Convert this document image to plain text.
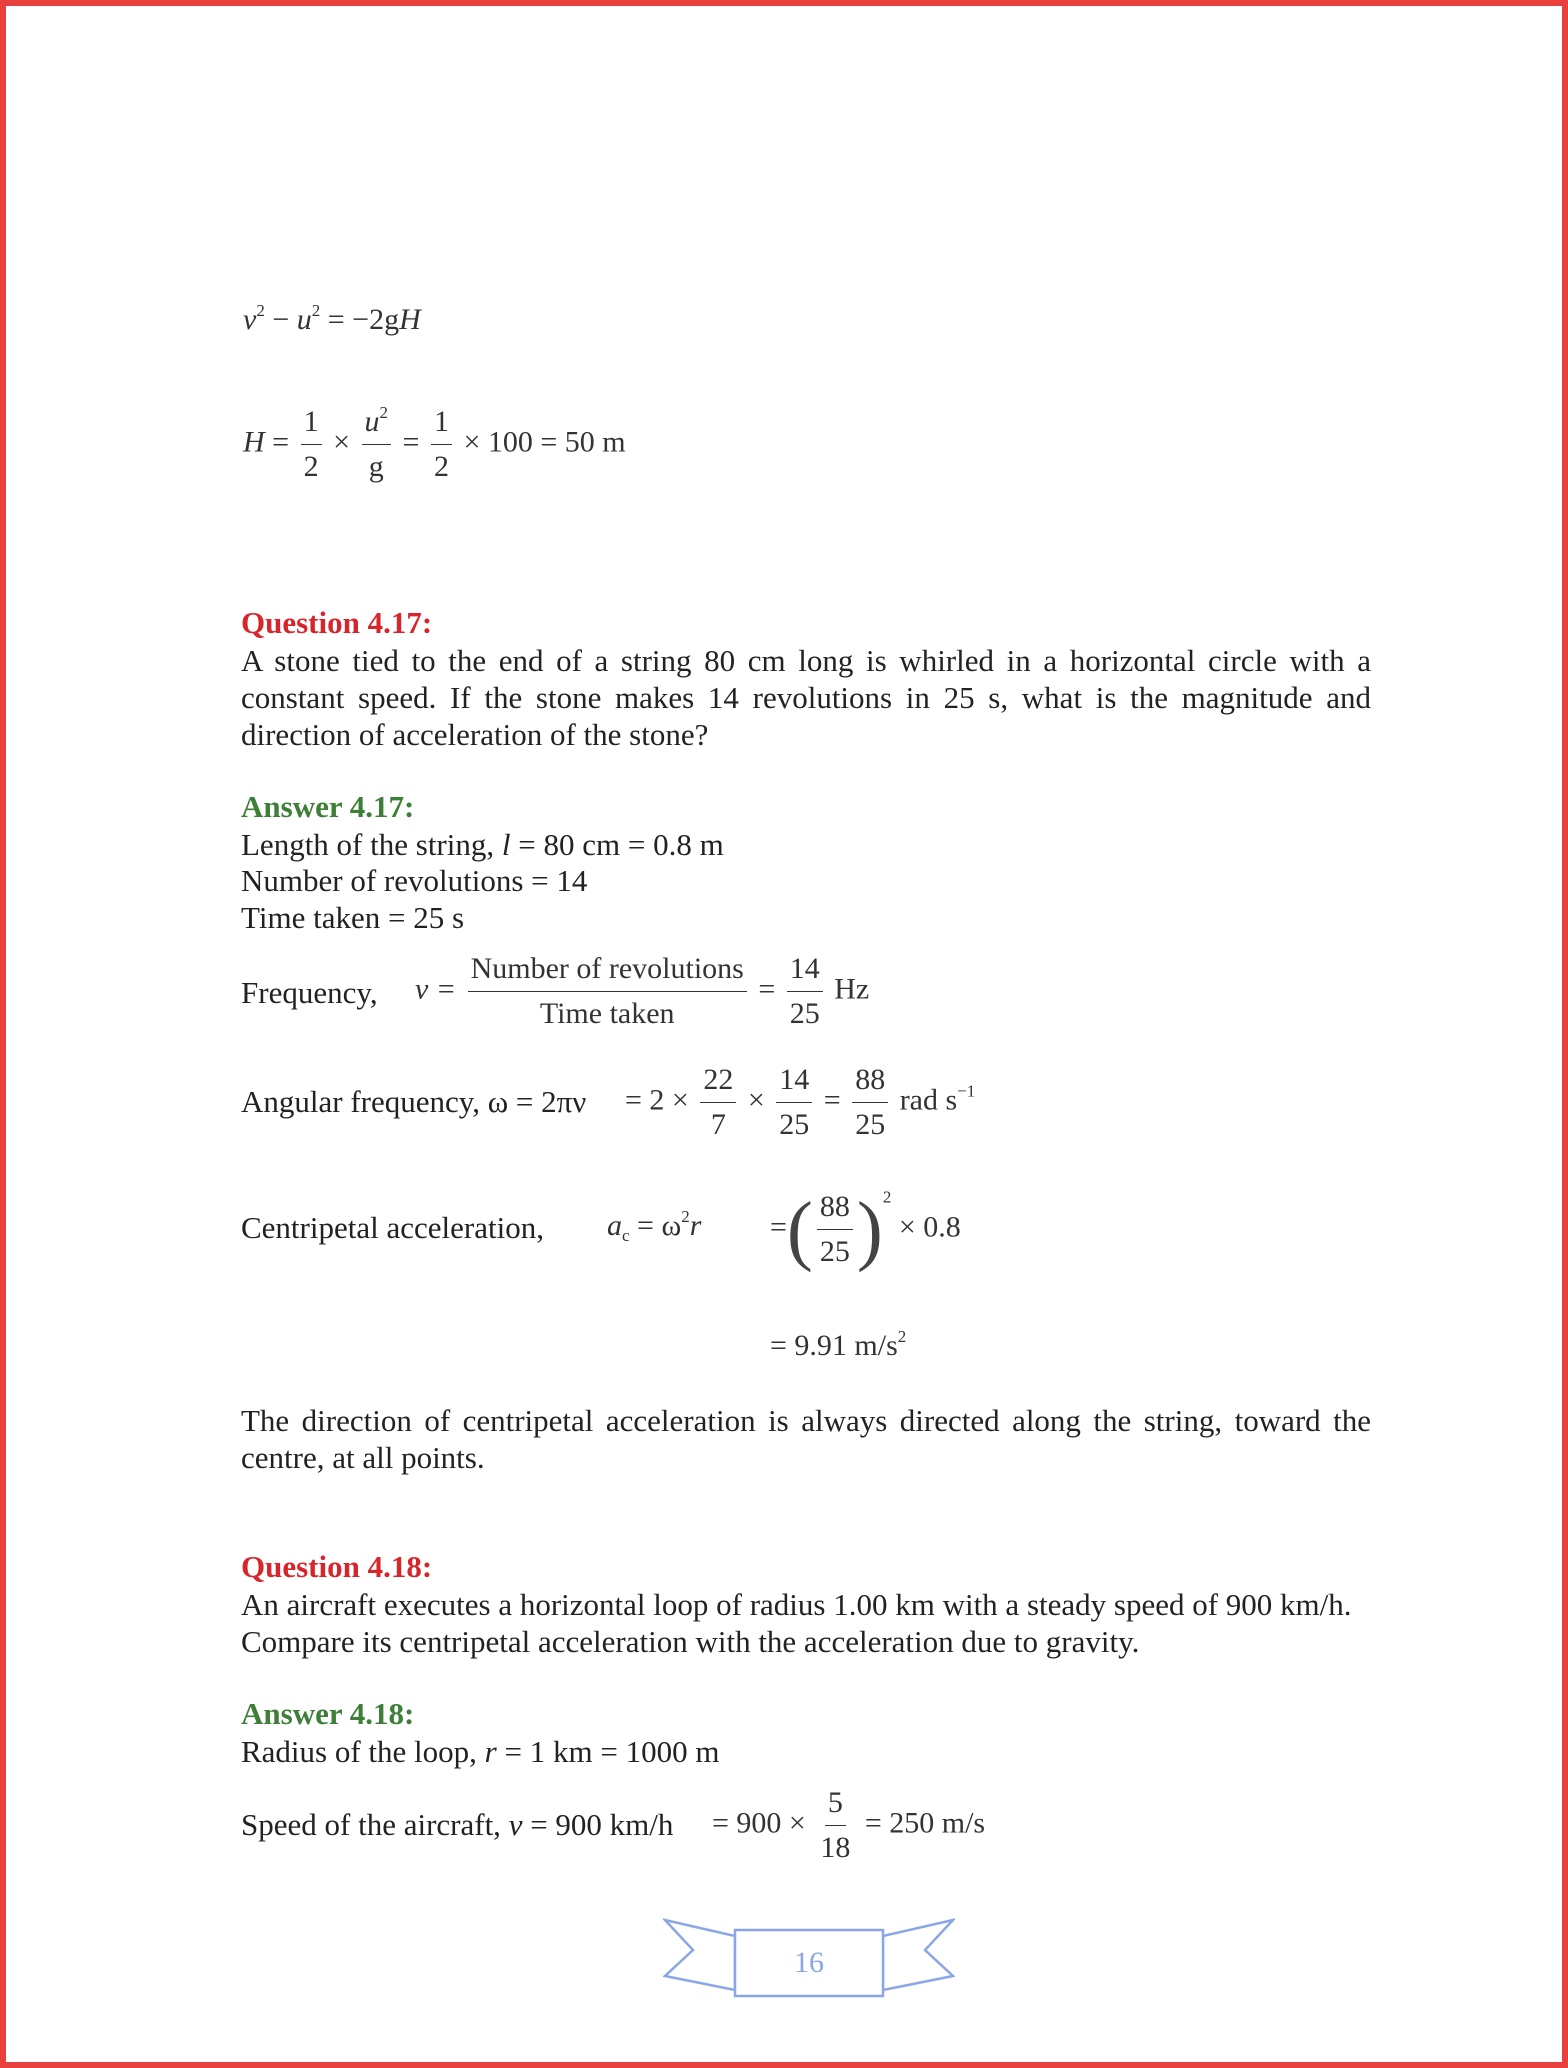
$v^2 - u^2 = -2gH$
$H = \frac{1}{2} \times \frac{u^2}{g} = \frac{1}{2} \times 100 = 50$ m
Question 4.17:
A stone tied to the end of a string 80 cm long is whirled in a horizontal circle with a constant speed. If the stone makes 14 revolutions in 25 s, what is the magnitude and direction of acceleration of the stone?
Answer 4.17:
Length of the string, l = 80 cm = 0.8 m
Number of revolutions = 14
Time taken = 25 s
Frequency, $\nu = \frac{\text{Number of revolutions}}{\text{Time taken}} = \frac{14}{25}$ Hz
Angular frequency, $\omega = 2\pi\nu = 2 \times \frac{22}{7} \times \frac{14}{25} = \frac{88}{25}$ rad $s^{-1}$
Centripetal acceleration, $a_c = \omega^2r$ =( $\frac{88}{25} )^2 \times 0.8$
= 9.91 $m/s^2$
The direction of centripetal acceleration is always directed along the string, toward the centre, at all points.
Question 4.18:
An aircraft executes a horizontal loop of radius 1.00 km with a steady speed of 900 km/h. Compare its centripetal acceleration with the acceleration due to gravity.
Answer 4.18:
Radius of the loop, r = 1 km = 1000 m
Speed of the aircraft, v = 900 $km/h = 900 \times \frac{5}{18} = 250$ m/s
16
